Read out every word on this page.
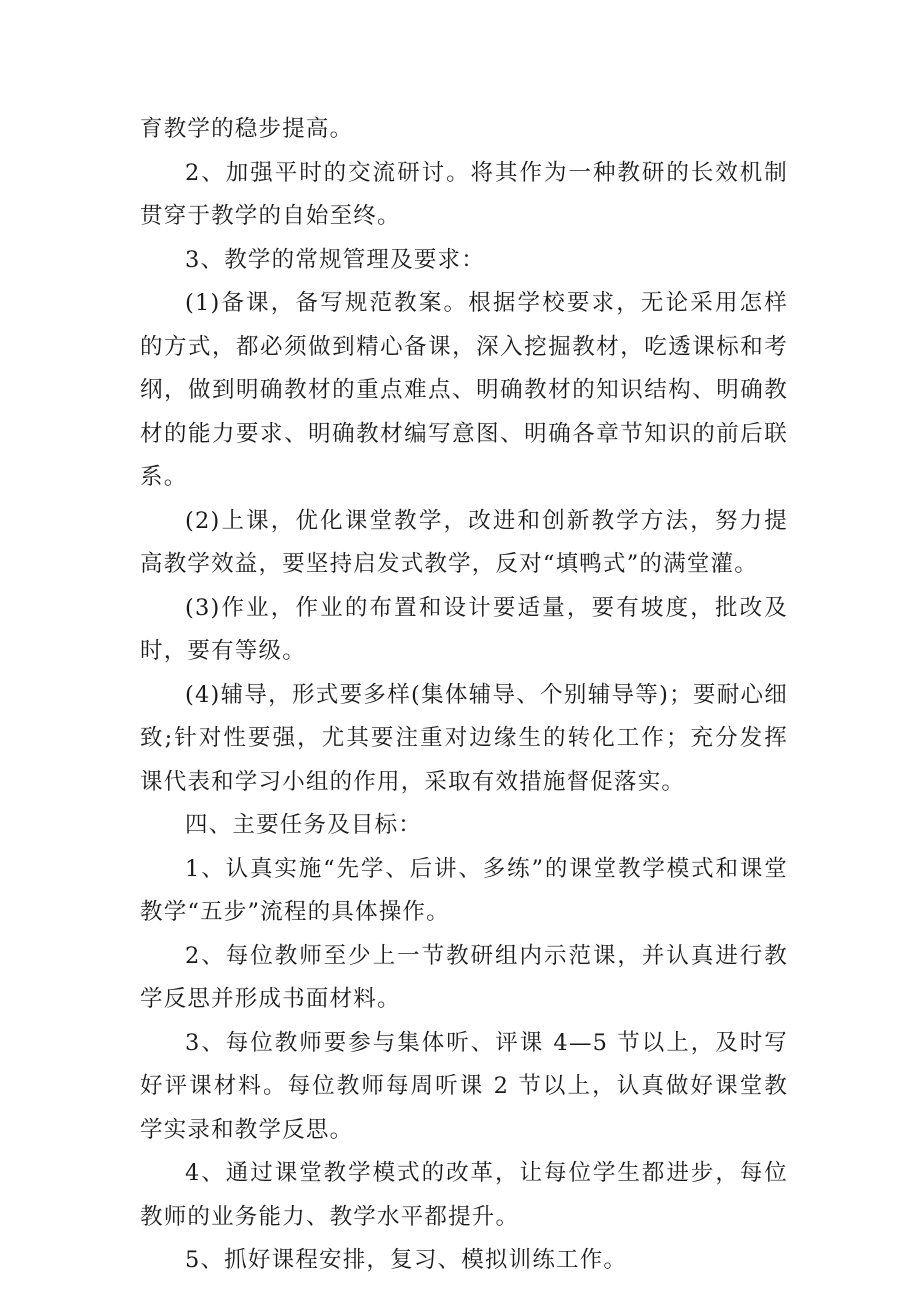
育教学的稳步提高。

2、加强平时的交流研讨。将其作为一种教研的长效机制贯穿于教学的自始至终。

3、教学的常规管理及要求：

(1)备课，备写规范教案。根据学校要求，无论采用怎样的方式，都必须做到精心备课，深入挖掘教材，吃透课标和考纲，做到明确教材的重点难点、明确教材的知识结构、明确教材的能力要求、明确教材编写意图、明确各章节知识的前后联系。

(2)上课，优化课堂教学，改进和创新教学方法，努力提高教学效益，要坚持启发式教学，反对“填鸭式”的满堂灌。

(3)作业，作业的布置和设计要适量，要有坡度，批改及时，要有等级。

(4)辅导，形式要多样(集体辅导、个别辅导等)；要耐心细致;针对性要强，尤其要注重对边缘生的转化工作；充分发挥课代表和学习小组的作用，采取有效措施督促落实。

四、主要任务及目标：

1、认真实施“先学、后讲、多练”的课堂教学模式和课堂教学“五步”流程的具体操作。

2、每位教师至少上一节教研组内示范课，并认真进行教学反思并形成书面材料。

3、每位教师要参与集体听、评课 4—5 节以上，及时写好评课材料。每位教师每周听课 2 节以上，认真做好课堂教学实录和教学反思。

4、通过课堂教学模式的改革，让每位学生都进步，每位教师的业务能力、教学水平都提升。

5、抓好课程安排，复习、模拟训练工作。
